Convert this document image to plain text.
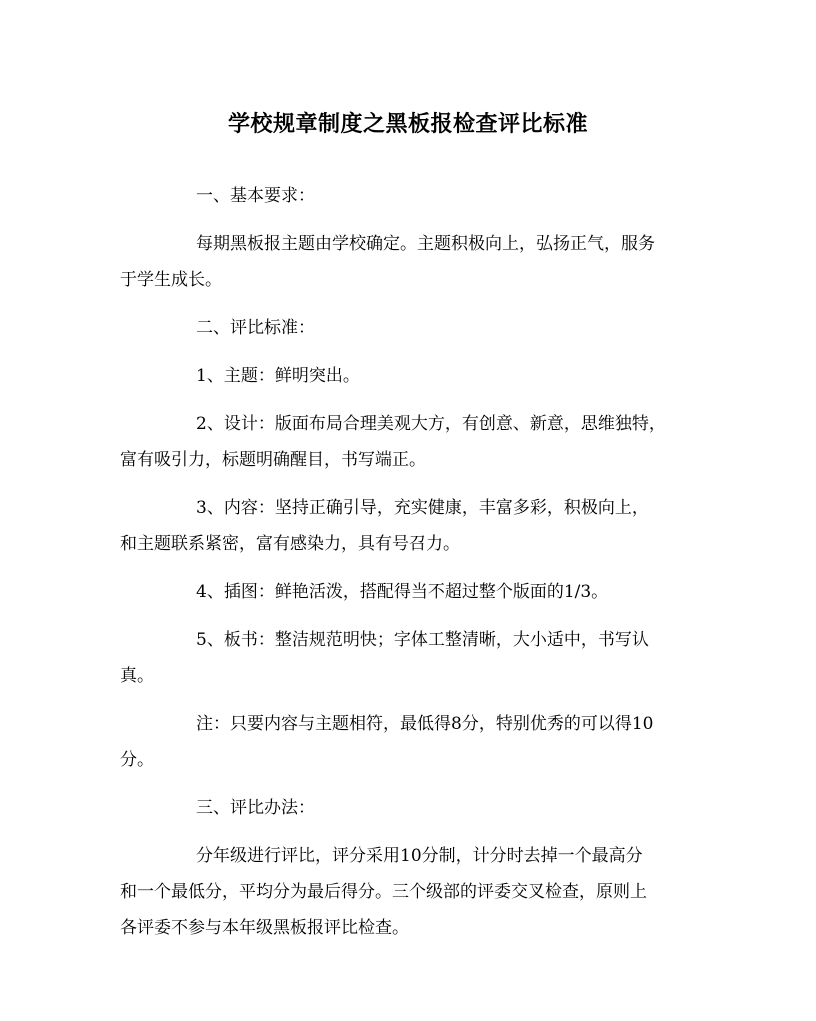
学校规章制度之黑板报检查评比标准

一、基本要求：

每期黑板报主题由学校确定。主题积极向上，弘扬正气，服务
于学生成长。

二、评比标准：

1、主题：鲜明突出。

2、设计：版面布局合理美观大方，有创意、新意，思维独特，
富有吸引力，标题明确醒目，书写端正。

3、内容：坚持正确引导，充实健康，丰富多彩，积极向上，
和主题联系紧密，富有感染力，具有号召力。

4、插图：鲜艳活泼，搭配得当不超过整个版面的1/3。

5、板书：整洁规范明快；字体工整清晰，大小适中，书写认
真。

注：只要内容与主题相符，最低得8分，特别优秀的可以得10
分。

三、评比办法：

分年级进行评比，评分采用10分制，计分时去掉一个最高分
和一个最低分，平均分为最后得分。三个级部的评委交叉检查，原则上
各评委不参与本年级黑板报评比检查。
